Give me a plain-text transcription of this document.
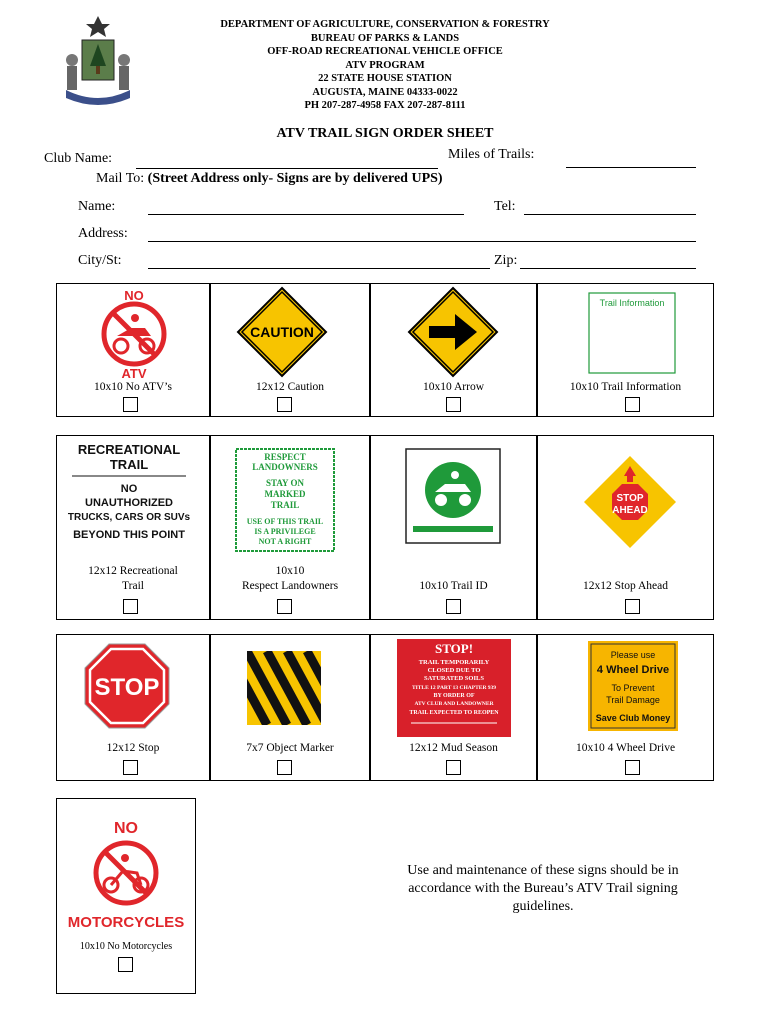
DEPARTMENT OF AGRICULTURE, CONSERVATION & FORESTRY
BUREAU OF PARKS & LANDS
OFF-ROAD RECREATIONAL VEHICLE OFFICE
ATV PROGRAM
22 STATE HOUSE STATION
AUGUSTA, MAINE 04333-0022
PH 207-287-4958 FAX 207-287-8111
ATV TRAIL SIGN ORDER SHEET
Club Name:	Miles of Trails:
Mail To: (Street Address only- Signs are by delivered UPS)
Name:	Tel:
Address:
City/St:	Zip:
NO
ATV
10x10 No ATV’s
CAUTION
12x12 Caution	10x10 Arrow
Trail Information
10x10 Trail Information
RECREATIONAL
TRAIL
NO
UNAUTHORIZED
TRUCKS, CARS OR SUVs
BEYOND THIS POINT
12x12 Recreational
Trail
RESPECT
LANDOWNERS
STAY ON
MARKED
TRAIL
USE OF THIS TRAIL
IS A PRIVILEGE
NOT A RIGHT
10x10
Respect Landowners	10x10 Trail ID
STOP
AHEAD
12x12 Stop Ahead
STOP
12x12 Stop	7x7 Object Marker
STOP!
TRAIL TEMPORARILY
CLOSED DUE TO
SATURATED SOILS
TITLE 12 PART 13 CHAPTER 939
BY ORDER OF
ATV CLUB AND LANDOWNER
TRAIL EXPECTED TO REOPEN
12x12 Mud Season
Please use
4 Wheel Drive
To Prevent
Trail Damage
Save Club Money
10x10 4 Wheel Drive
NO
MOTORCYCLES
10x10 No Motorcycles
Use and maintenance of these signs should be in accordance with the Bureau’s ATV Trail signing guidelines.
